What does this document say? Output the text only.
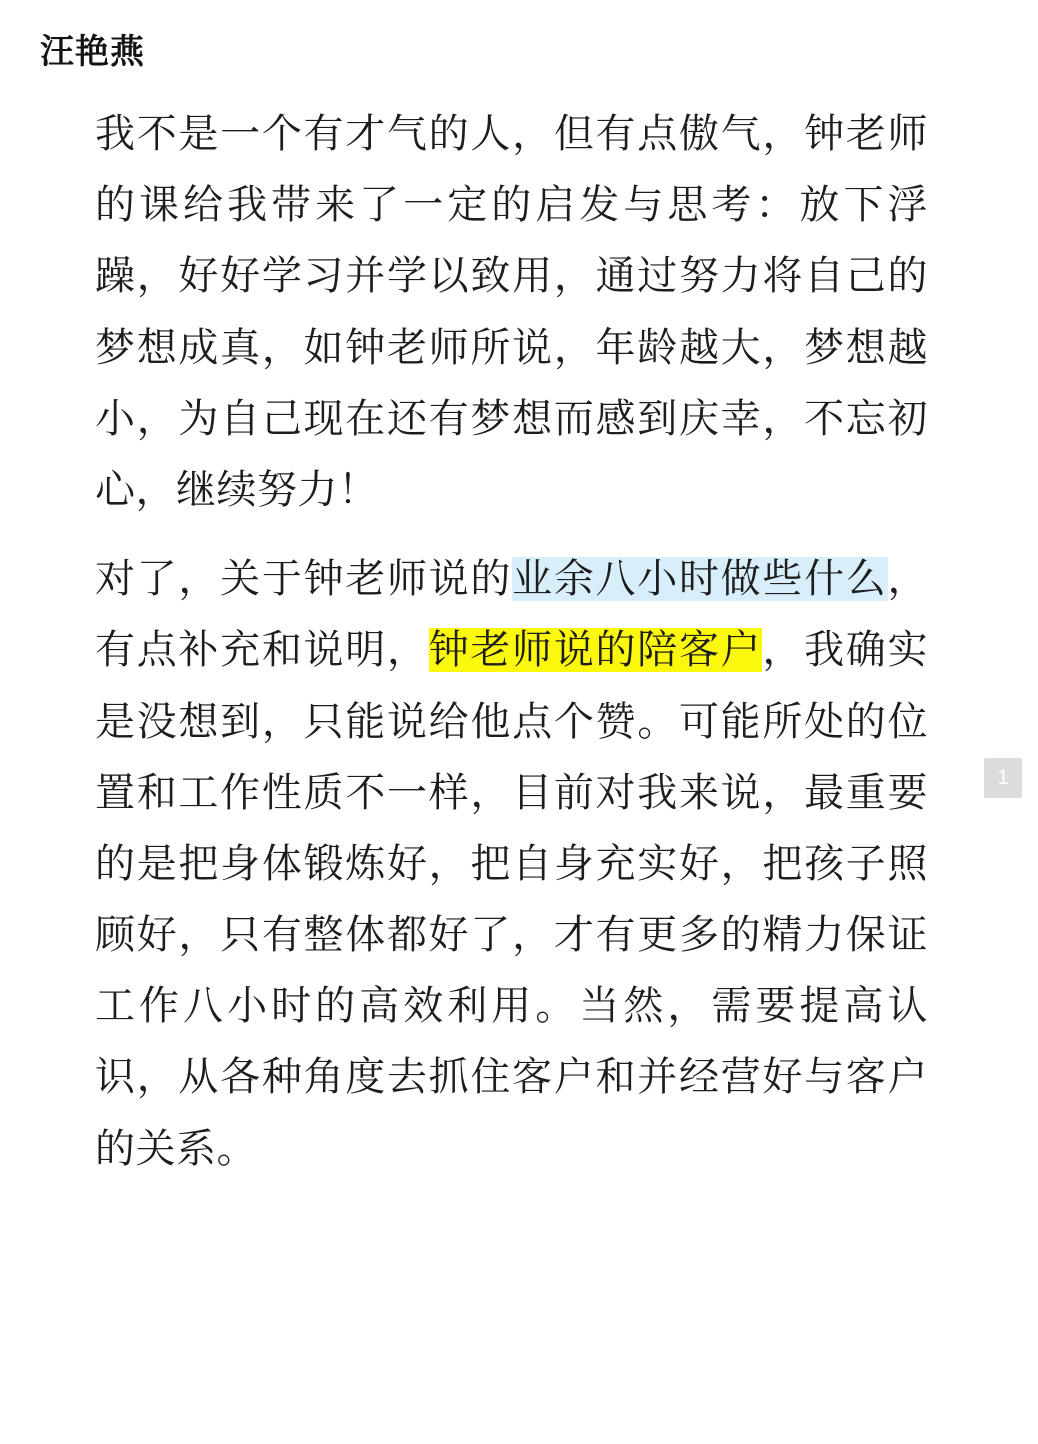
汪艳燕

我不是一个有才气的人，但有点傲气，钟老师的课给我带来了一定的启发与思考：放下浮躁，好好学习并学以致用，通过努力将自己的梦想成真，如钟老师所说，年龄越大，梦想越小，为自己现在还有梦想而感到庆幸，不忘初心，继续努力！

对了，关于钟老师说的业余八小时做些什么，有点补充和说明，钟老师说的陪客户，我确实是没想到，只能说给他点个赞。可能所处的位置和工作性质不一样，目前对我来说，最重要的是把身体锻炼好，把自身充实好，把孩子照顾好，只有整体都好了，才有更多的精力保证工作八小时的高效利用。当然，需要提高认识，从各种角度去抓住客户和并经营好与客户的关系。

1
